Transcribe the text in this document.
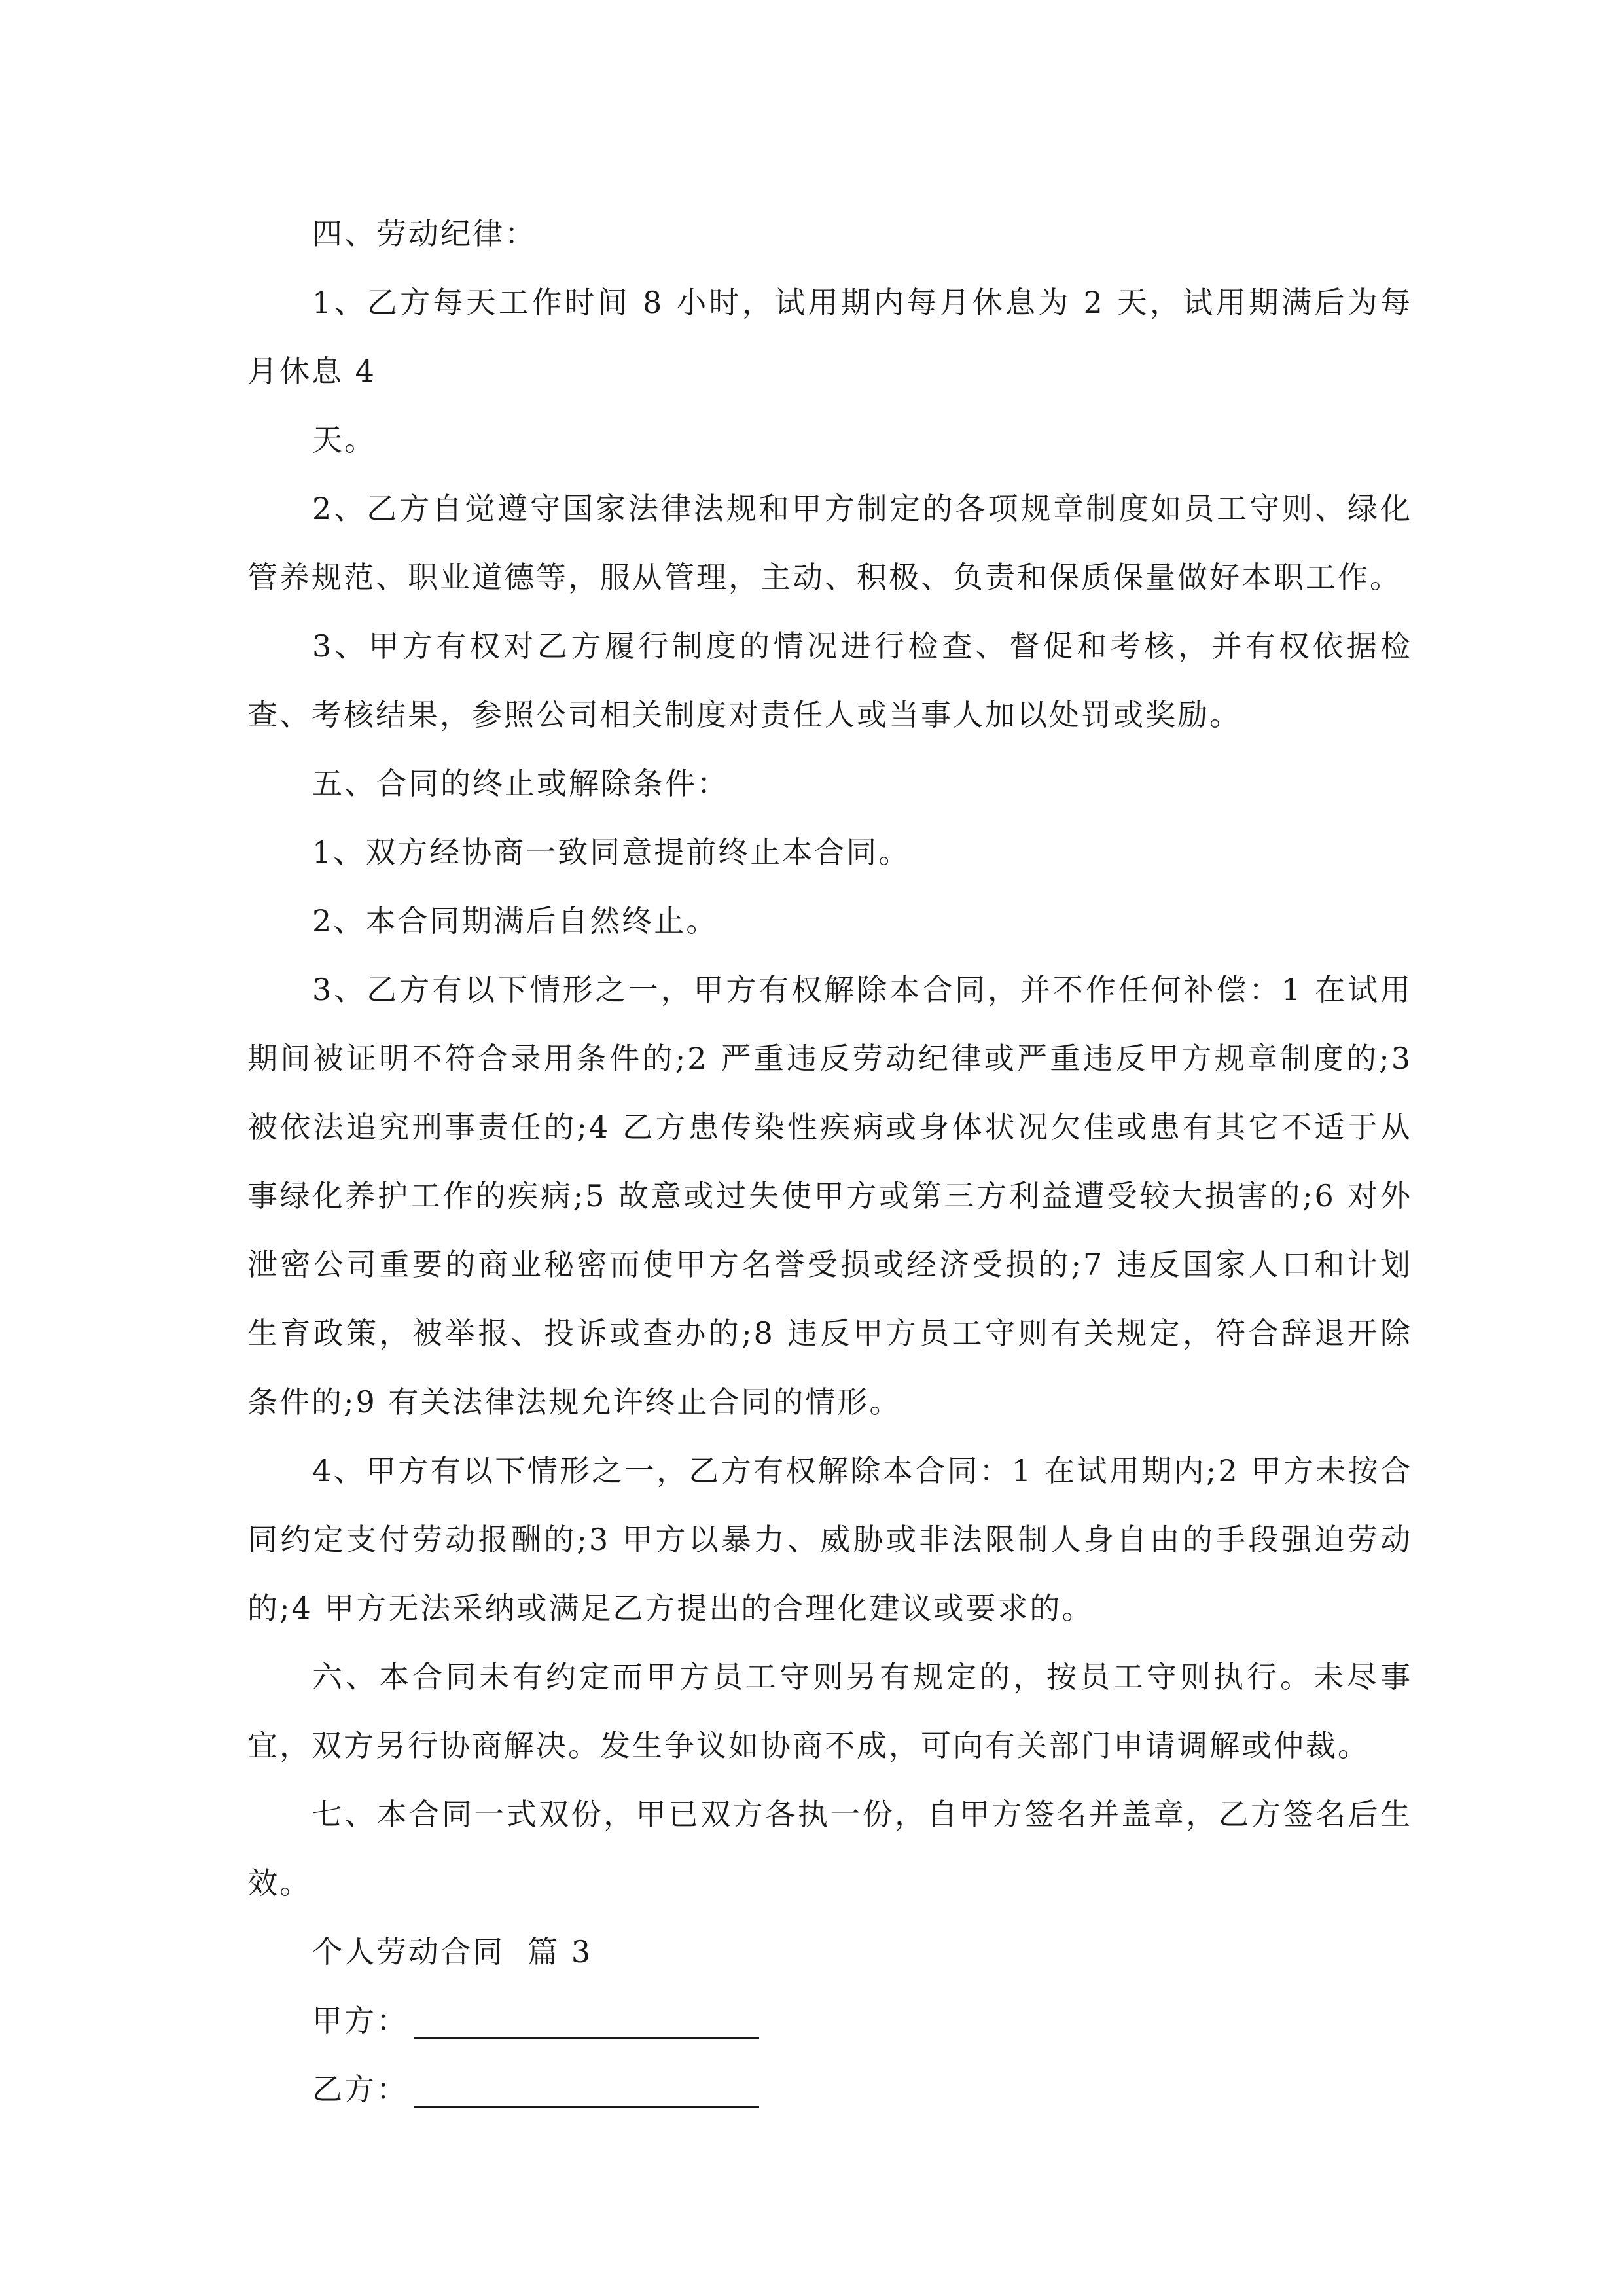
四、劳动纪律：

1、乙方每天工作时间 8 小时，试用期内每月休息为 2 天，试用期满后为每月休息 4

天。

2、乙方自觉遵守国家法律法规和甲方制定的各项规章制度如员工守则、绿化管养规范、职业道德等，服从管理，主动、积极、负责和保质保量做好本职工作。

3、甲方有权对乙方履行制度的情况进行检查、督促和考核，并有权依据检查、考核结果，参照公司相关制度对责任人或当事人加以处罚或奖励。

五、合同的终止或解除条件：

1、双方经协商一致同意提前终止本合同。

2、本合同期满后自然终止。

3、乙方有以下情形之一，甲方有权解除本合同，并不作任何补偿：1 在试用期间被证明不符合录用条件的;2 严重违反劳动纪律或严重违反甲方规章制度的;3 被依法追究刑事责任的;4 乙方患传染性疾病或身体状况欠佳或患有其它不适于从事绿化养护工作的疾病;5 故意或过失使甲方或第三方利益遭受较大损害的;6 对外泄密公司重要的商业秘密而使甲方名誉受损或经济受损的;7 违反国家人口和计划生育政策，被举报、投诉或查办的;8 违反甲方员工守则有关规定，符合辞退开除条件的;9 有关法律法规允许终止合同的情形。

4、甲方有以下情形之一，乙方有权解除本合同：1 在试用期内;2 甲方未按合同约定支付劳动报酬的;3 甲方以暴力、威胁或非法限制人身自由的手段强迫劳动的;4 甲方无法采纳或满足乙方提出的合理化建议或要求的。

六、本合同未有约定而甲方员工守则另有规定的，按员工守则执行。未尽事宜，双方另行协商解决。发生争议如协商不成，可向有关部门申请调解或仲裁。

七、本合同一式双份，甲已双方各执一份，自甲方签名并盖章，乙方签名后生效。

个人劳动合同  篇 3

甲方：

乙方：
